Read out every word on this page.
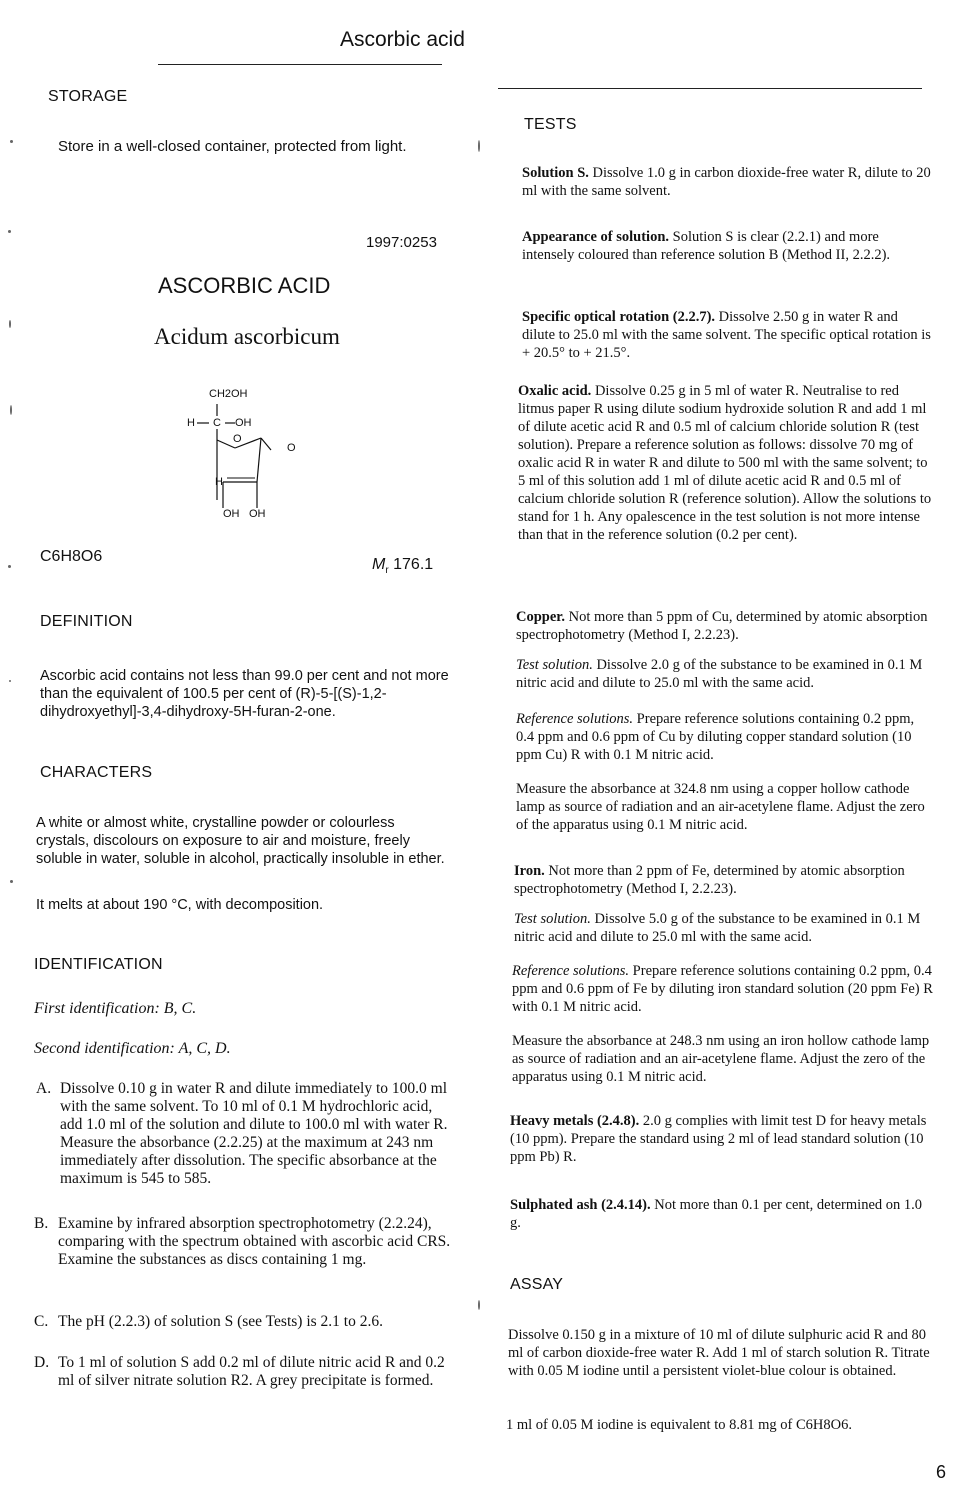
Ascorbic acid
STORAGE
Store in a well-closed container, protected from light.
1997:0253
ASCORBIC ACID
Acidum ascorbicum
CH2OH
H C OH
O
O
H
OH OH
C6H8O6	$M_r$ 176.1
DEFINITION
Ascorbic acid contains not less than 99.0 per cent and not more than the equivalent of 100.5 per cent of (R)-5-[(S)-1,2-dihydroxyethyl]-3,4-dihydroxy-5H-furan-2-one.
CHARACTERS
A white or almost white, crystalline powder or colourless crystals, discolours on exposure to air and moisture, freely soluble in water, soluble in alcohol, practically insoluble in ether.
It melts at about 190 °C, with decomposition.
IDENTIFICATION
First identification: B, C.
Second identification: A, C, D.
A. Dissolve 0.10 g in water R and dilute immediately to 100.0 ml with the same solvent. To 10 ml of 0.1 M hydrochloric acid, add 1.0 ml of the solution and dilute to 100.0 ml with water R. Measure the absorbance (2.2.25) at the maximum at 243 nm immediately after dissolution. The specific absorbance at the maximum is 545 to 585.
B. Examine by infrared absorption spectrophotometry (2.2.24), comparing with the spectrum obtained with ascorbic acid CRS. Examine the substances as discs containing 1 mg.
C. The pH (2.2.3) of solution S (see Tests) is 2.1 to 2.6.
D. To 1 ml of solution S add 0.2 ml of dilute nitric acid R and 0.2 ml of silver nitrate solution R2. A grey precipitate is formed.
TESTS
Solution S. Dissolve 1.0 g in carbon dioxide-free water R, dilute to 20 ml with the same solvent.
Appearance of solution. Solution S is clear (2.2.1) and more intensely coloured than reference solution B (Method II, 2.2.2).
Specific optical rotation (2.2.7). Dissolve 2.50 g in water R and dilute to 25.0 ml with the same solvent. The specific optical rotation is + 20.5° to + 21.5°.
Oxalic acid. Dissolve 0.25 g in 5 ml of water R. Neutralise to red litmus paper R using dilute sodium hydroxide solution R and add 1 ml of dilute acetic acid R and 0.5 ml of calcium chloride solution R (test solution). Prepare a reference solution as follows: dissolve 70 mg of oxalic acid R in water R and dilute to 500 ml with the same solvent; to 5 ml of this solution add 1 ml of dilute acetic acid R and 0.5 ml of calcium chloride solution R (reference solution). Allow the solutions to stand for 1 h. Any opalescence in the test solution is not more intense than that in the reference solution (0.2 per cent).
Copper. Not more than 5 ppm of Cu, determined by atomic absorption spectrophotometry (Method I, 2.2.23).
Test solution. Dissolve 2.0 g of the substance to be examined in 0.1 M nitric acid and dilute to 25.0 ml with the same acid.
Reference solutions. Prepare reference solutions containing 0.2 ppm, 0.4 ppm and 0.6 ppm of Cu by diluting copper standard solution (10 ppm Cu) R with 0.1 M nitric acid.
Measure the absorbance at 324.8 nm using a copper hollow cathode lamp as source of radiation and an air-acetylene flame. Adjust the zero of the apparatus using 0.1 M nitric acid.
Iron. Not more than 2 ppm of Fe, determined by atomic absorption spectrophotometry (Method I, 2.2.23).
Test solution. Dissolve 5.0 g of the substance to be examined in 0.1 M nitric acid and dilute to 25.0 ml with the same acid.
Reference solutions. Prepare reference solutions containing 0.2 ppm, 0.4 ppm and 0.6 ppm of Fe by diluting iron standard solution (20 ppm Fe) R with 0.1 M nitric acid.
Measure the absorbance at 248.3 nm using an iron hollow cathode lamp as source of radiation and an air-acetylene flame. Adjust the zero of the apparatus using 0.1 M nitric acid.
Heavy metals (2.4.8). 2.0 g complies with limit test D for heavy metals (10 ppm). Prepare the standard using 2 ml of lead standard solution (10 ppm Pb) R.
Sulphated ash (2.4.14). Not more than 0.1 per cent, determined on 1.0 g.
ASSAY
Dissolve 0.150 g in a mixture of 10 ml of dilute sulphuric acid R and 80 ml of carbon dioxide-free water R. Add 1 ml of starch solution R. Titrate with 0.05 M iodine until a persistent violet-blue colour is obtained.
1 ml of 0.05 M iodine is equivalent to 8.81 mg of C6H8O6.
6
